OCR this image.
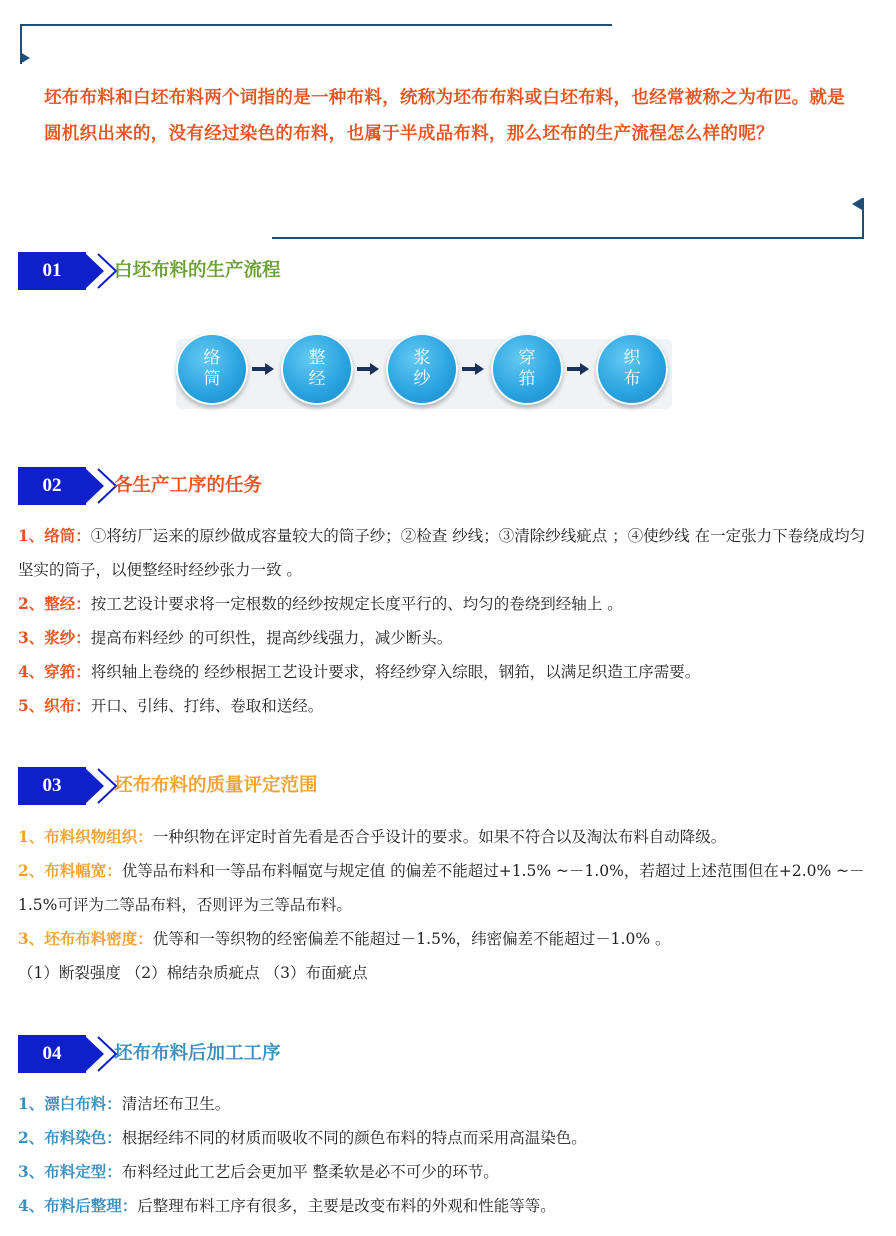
坯布布料和白坯布料两个词指的是一种布料，统称为坯布布料或白坯布料，也经常被称之为布匹。就是圆机织出来的，没有经过染色的布料，也属于半成品布料，那么坯布的生产流程怎么样的呢？

01	白坯布料的生产流程
络
筒
整
经
浆
纱
穿
筘
织
布
02	各生产工序的任务

1、络筒：①将纺厂运来的原纱做成容量较大的筒子纱；②检查 纱线；③清除纱线疵点 ；④使纱线 在一定张力下卷绕成均匀坚实的筒子，以便整经时经纱张力一致 。

2、整经：按工艺设计要求将一定根数的经纱按规定长度平行的、均匀的卷绕到经轴上 。

3、浆纱：提高布料经纱 的可织性，提高纱线强力，减少断头。

4、穿筘：将织轴上卷绕的 经纱根据工艺设计要求，将经纱穿入综眼，钢筘，以满足织造工序需要。

5、织布：开口、引纬、打纬、卷取和送经。

03	坯布布料的质量评定范围

1、布料织物组织：一种织物在评定时首先看是否合乎设计的要求。如果不符合以及淘汰布料自动降级。

2、布料幅宽：优等品布料和一等品布料幅宽与规定值 的偏差不能超过+1.5% ~－1.0%，若超过上述范围但在+2.0% ~－1.5%可评为二等品布料，否则评为三等品布料。

3、坯布布料密度：优等和一等织物的经密偏差不能超过－1.5%，纬密偏差不能超过－1.0% 。

（1）断裂强度 （2）棉结杂质疵点 （3）布面疵点

04	坯布布料后加工工序

1、漂白布料：清洁坯布卫生。

2、布料染色：根据经纬不同的材质而吸收不同的颜色布料的特点而采用高温染色。

3、布料定型：布料经过此工艺后会更加平 整柔软是必不可少的环节。

4、布料后整理：后整理布料工序有很多，主要是改变布料的外观和性能等等。
